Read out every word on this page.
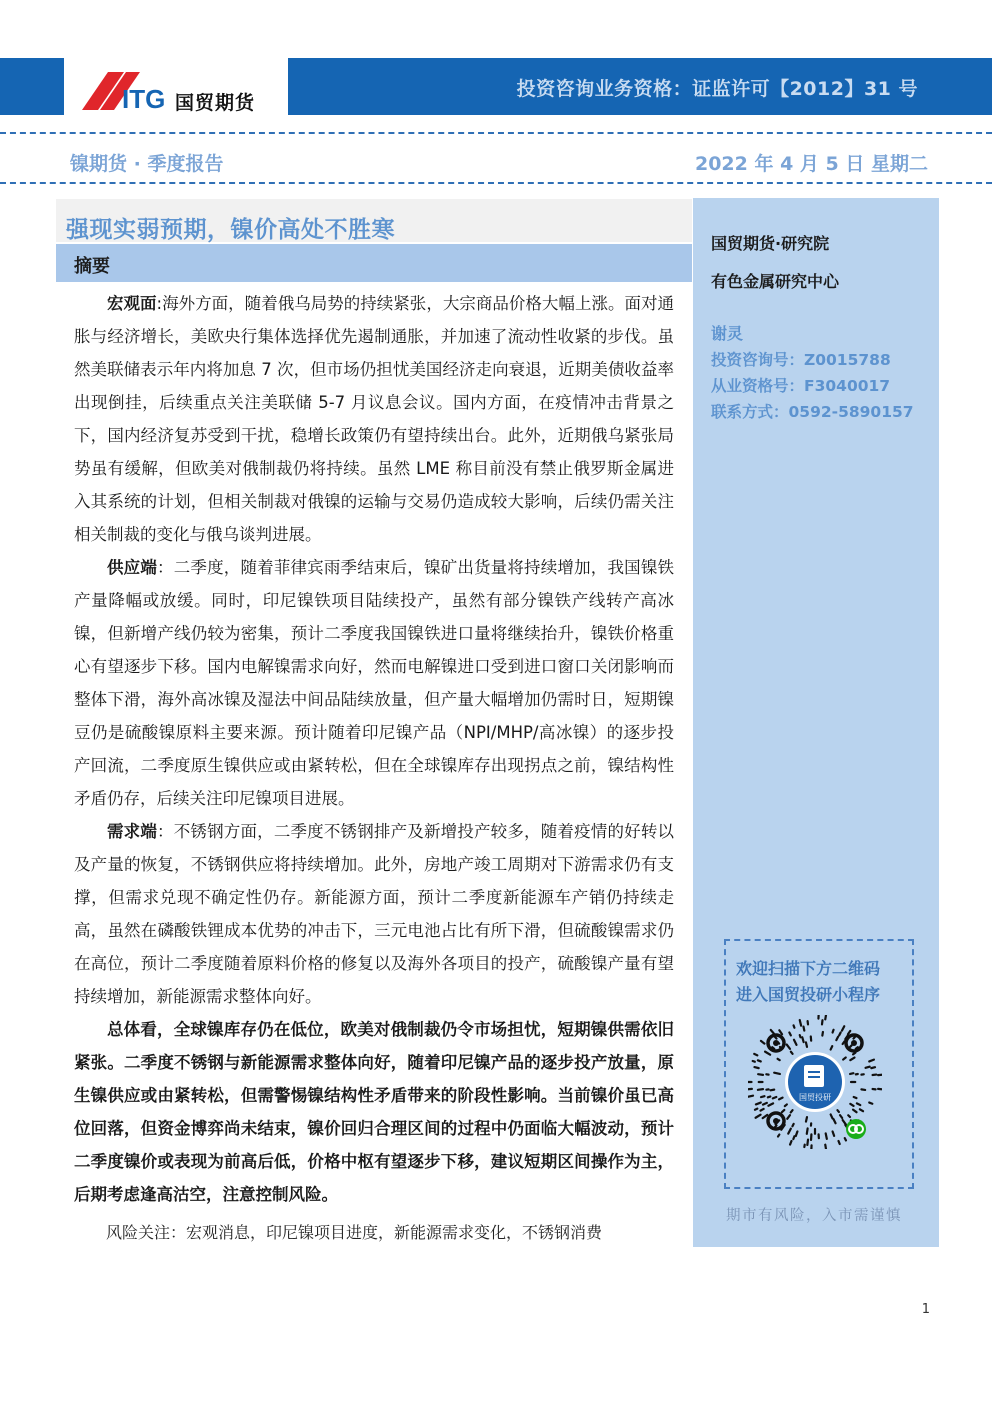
投资咨询业务资格：证监许可【2012】31 号
ITG 国贸期货
镍期货 · 季度报告	2022 年 4 月 5 日 星期二
强现实弱预期，镍价高处不胜寒
摘要

宏观面:海外方面，随着俄乌局势的持续紧张，大宗商品价格大幅上涨。面对通胀与经济增长，美欧央行集体选择优先遏制通胀，并加速了流动性收紧的步伐。虽然美联储表示年内将加息 7 次，但市场仍担忧美国经济走向衰退，近期美债收益率出现倒挂，后续重点关注美联储 5-7 月议息会议。国内方面，在疫情冲击背景之下，国内经济复苏受到干扰，稳增长政策仍有望持续出台。此外，近期俄乌紧张局势虽有缓解，但欧美对俄制裁仍将持续。虽然 LME 称目前没有禁止俄罗斯金属进入其系统的计划，但相关制裁对俄镍的运输与交易仍造成较大影响，后续仍需关注相关制裁的变化与俄乌谈判进展。

供应端：二季度，随着菲律宾雨季结束后，镍矿出货量将持续增加，我国镍铁产量降幅或放缓。同时，印尼镍铁项目陆续投产，虽然有部分镍铁产线转产高冰镍，但新增产线仍较为密集，预计二季度我国镍铁进口量将继续抬升，镍铁价格重心有望逐步下移。国内电解镍需求向好，然而电解镍进口受到进口窗口关闭影响而整体下滑，海外高冰镍及湿法中间品陆续放量，但产量大幅增加仍需时日，短期镍豆仍是硫酸镍原料主要来源。预计随着印尼镍产品（NPI/MHP/高冰镍）的逐步投产回流，二季度原生镍供应或由紧转松，但在全球镍库存出现拐点之前，镍结构性矛盾仍存，后续关注印尼镍项目进展。

需求端：不锈钢方面，二季度不锈钢排产及新增投产较多，随着疫情的好转以及产量的恢复，不锈钢供应将持续增加。此外，房地产竣工周期对下游需求仍有支撑，但需求兑现不确定性仍存。新能源方面，预计二季度新能源车产销仍持续走高，虽然在磷酸铁锂成本优势的冲击下，三元电池占比有所下滑，但硫酸镍需求仍在高位，预计二季度随着原料价格的修复以及海外各项目的投产，硫酸镍产量有望持续增加，新能源需求整体向好。

总体看，全球镍库存仍在低位，欧美对俄制裁仍令市场担忧，短期镍供需依旧紧张。二季度不锈钢与新能源需求整体向好，随着印尼镍产品的逐步投产放量，原生镍供应或由紧转松，但需警惕镍结构性矛盾带来的阶段性影响。当前镍价虽已高位回落，但资金博弈尚未结束，镍价回归合理区间的过程中仍面临大幅波动，预计二季度镍价或表现为前高后低，价格中枢有望逐步下移，建议短期区间操作为主，后期考虑逢高沽空，注意控制风险。

风险关注：宏观消息，印尼镍项目进度，新能源需求变化，不锈钢消费
国贸期货·研究院
有色金属研究中心
谢灵
投资咨询号：Z0015788
从业资格号：F3040017
联系方式：0592-5890157
欢迎扫描下方二维码
进入国贸投研小程序
国贸投研
期市有风险，入市需谨慎
1
